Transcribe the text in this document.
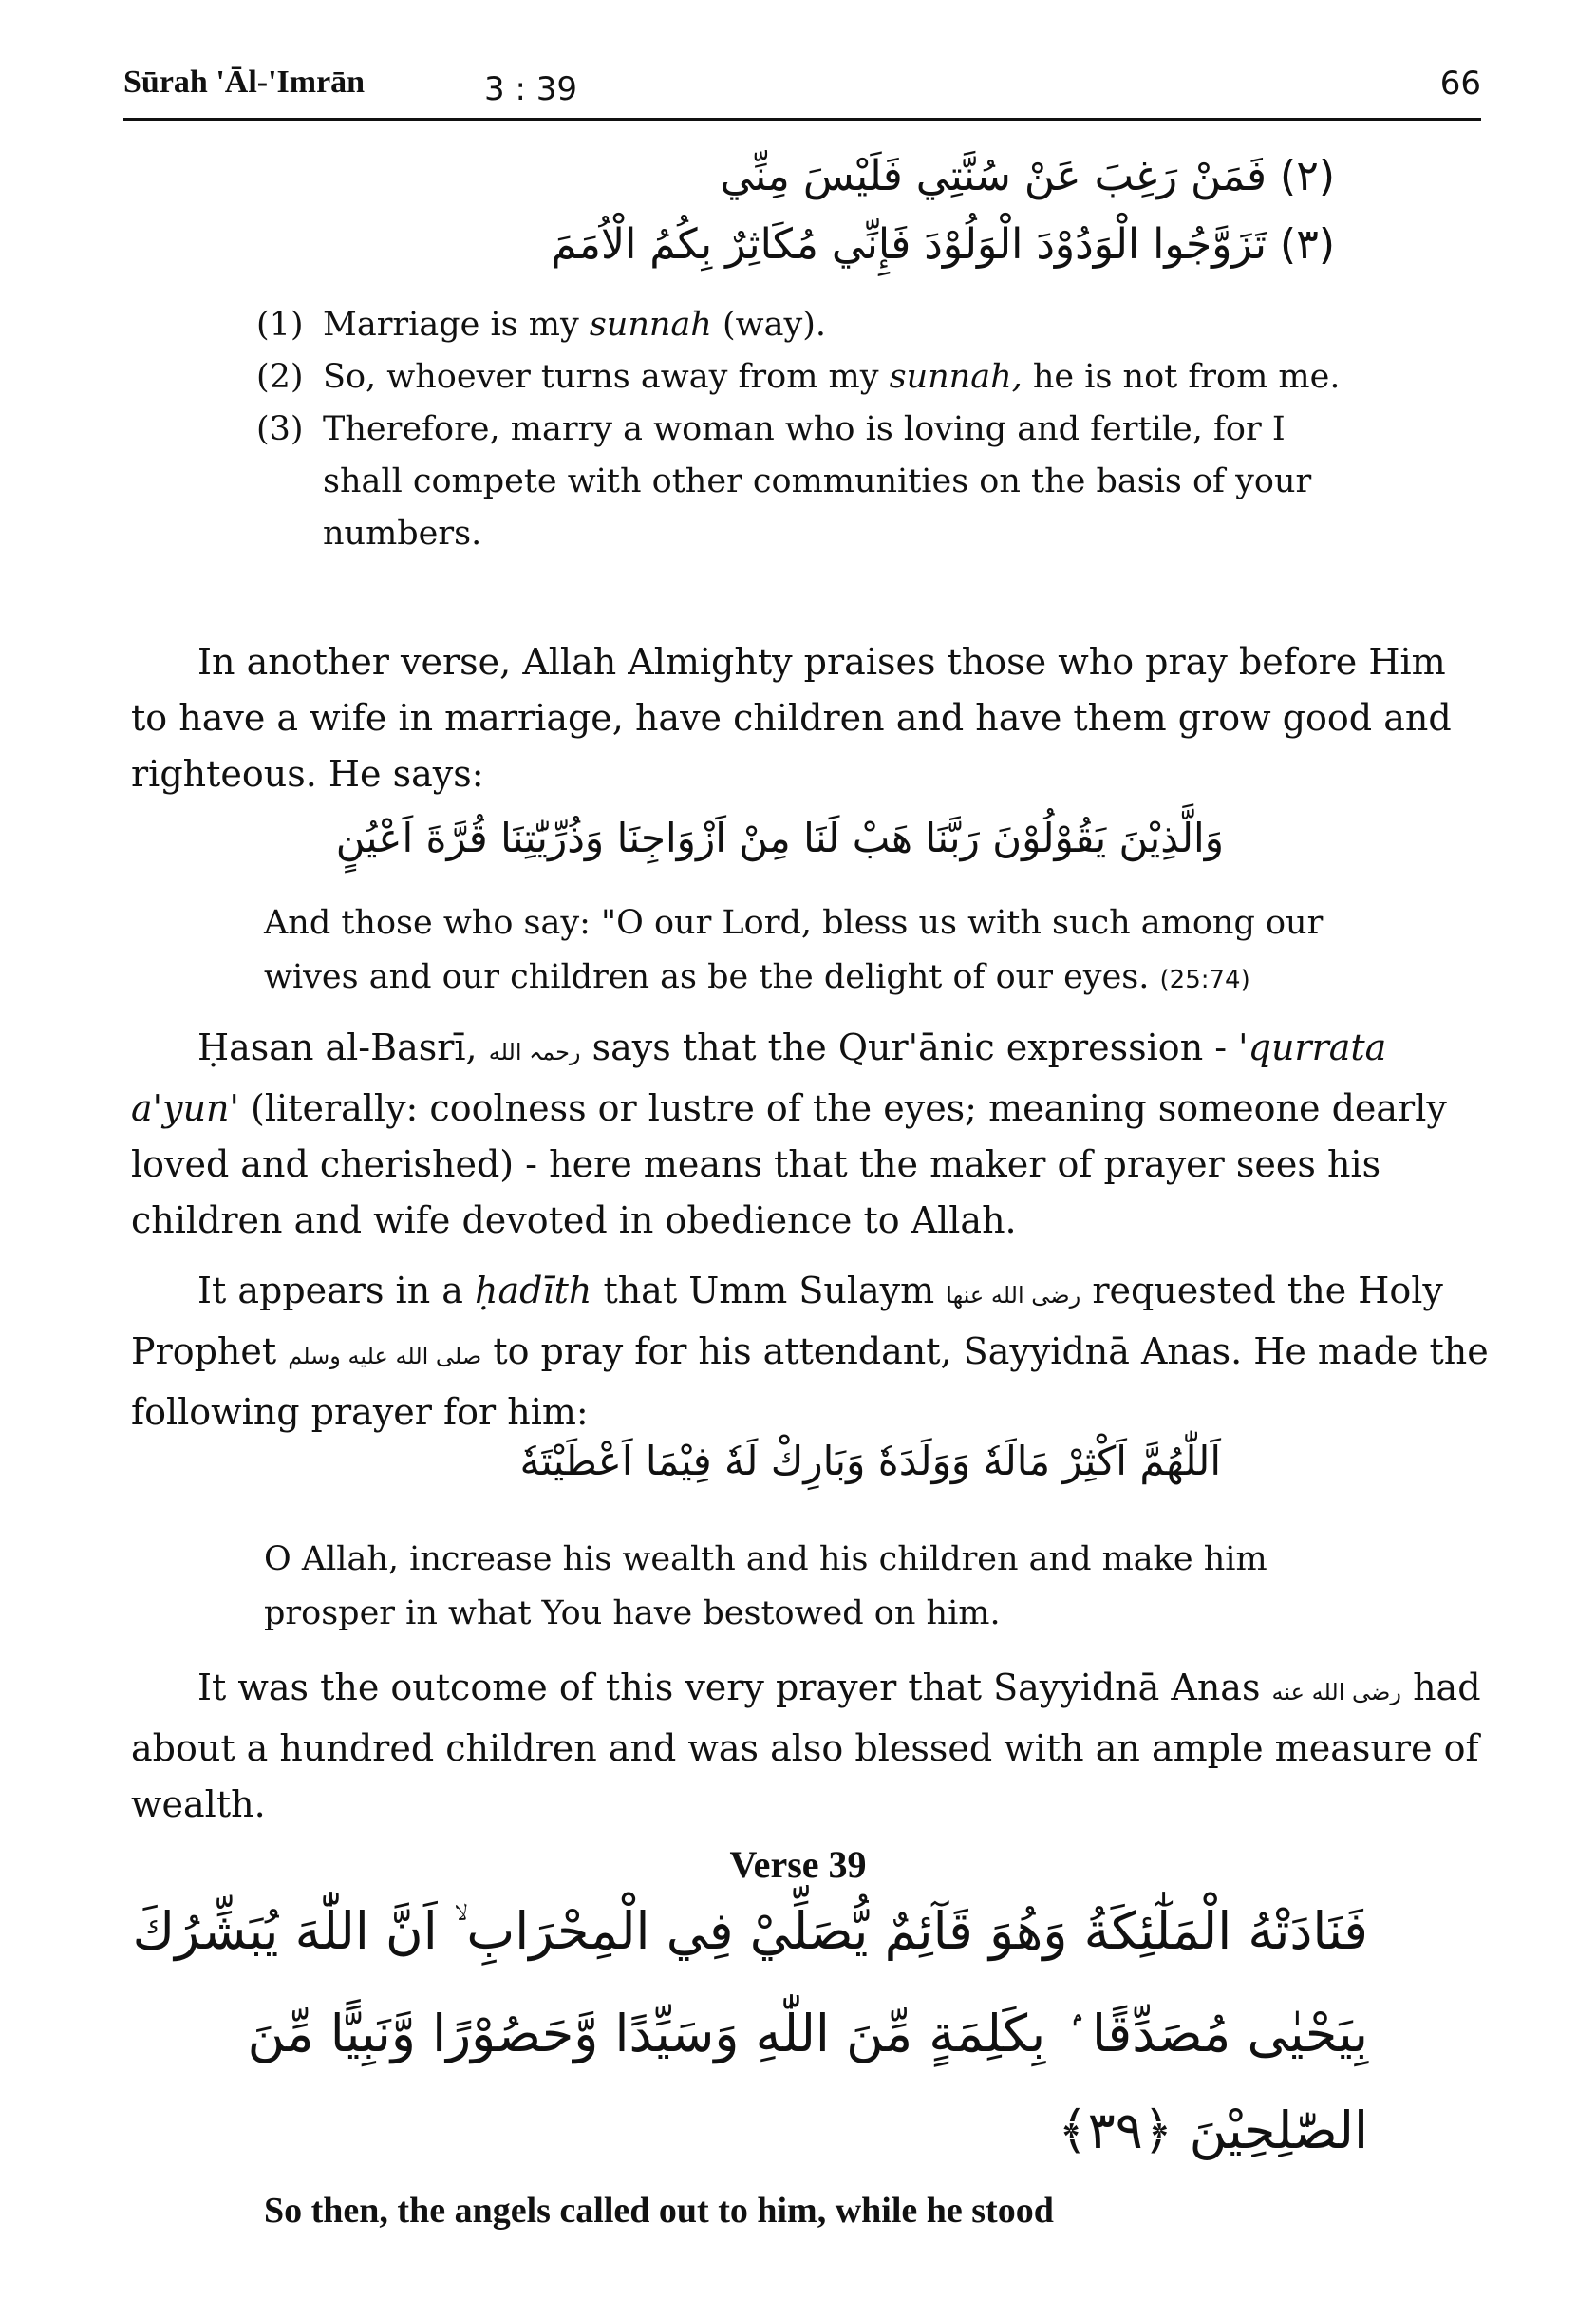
Sūrah 'Āl-'Imrān	3 : 39	66
(٢) فَمَنْ رَغِبَ عَنْ سُنَّتِي فَلَيْسَ مِنِّي
(٣) تَزَوَّجُوا الْوَدُوْدَ الْوَلُوْدَ فَإِنِّي مُكَاثِرٌ بِكُمُ الْاُمَمَ
(1) Marriage is my sunnah (way).
(2) So, whoever turns away from my sunnah, he is not from me.
(3) Therefore, marry a woman who is loving and fertile, for I shall compete with other communities on the basis of your numbers.
In another verse, Allah Almighty praises those who pray before Him to have a wife in marriage, have children and have them grow good and righteous. He says:
وَالَّذِيْنَ يَقُوْلُوْنَ رَبَّنَا هَبْ لَنَا مِنْ اَزْوَاجِنَا وَذُرِّيّٰتِنَا قُرَّةَ اَعْيُنٍ
And those who say: "O our Lord, bless us with such among our wives and our children as be the delight of our eyes. (25:74)
Ḥasan al-Basrī, رحمہ الله says that the Qur'ānic expression - 'qurrata a'yun' (literally: coolness or lustre of the eyes; meaning someone dearly loved and cherished) - here means that the maker of prayer sees his children and wife devoted in obedience to Allah.
It appears in a ḥadīth that Umm Sulaym رضی الله عنها requested the Holy Prophet صلی الله علیه وسلم to pray for his attendant, Sayyidnā Anas. He made the following prayer for him:
اَللّٰهُمَّ اَكْثِرْ مَالَهٗ وَوَلَدَهٗ وَبَارِكْ لَهٗ فِيْمَا اَعْطَيْتَهٗ
O Allah, increase his wealth and his children and make him prosper in what You have bestowed on him.
It was the outcome of this very prayer that Sayyidnā Anas رضی الله عنه had about a hundred children and was also blessed with an ample measure of wealth.
Verse 39
فَنَادَتْهُ الْمَلٰٓئِكَةُ وَهُوَ قَآئِمٌ يُّصَلِّيْ فِي الْمِحْرَابِ ۙ اَنَّ اللّٰهَ يُبَشِّرُكَ
بِيَحْيٰى مُصَدِّقًا ۢ بِكَلِمَةٍ مِّنَ اللّٰهِ وَسَيِّدًا وَّحَصُوْرًا وَّنَبِيًّا مِّنَ
الصّٰلِحِيْنَ ﴿٣٩﴾
So then, the angels called out to him, while he stood
